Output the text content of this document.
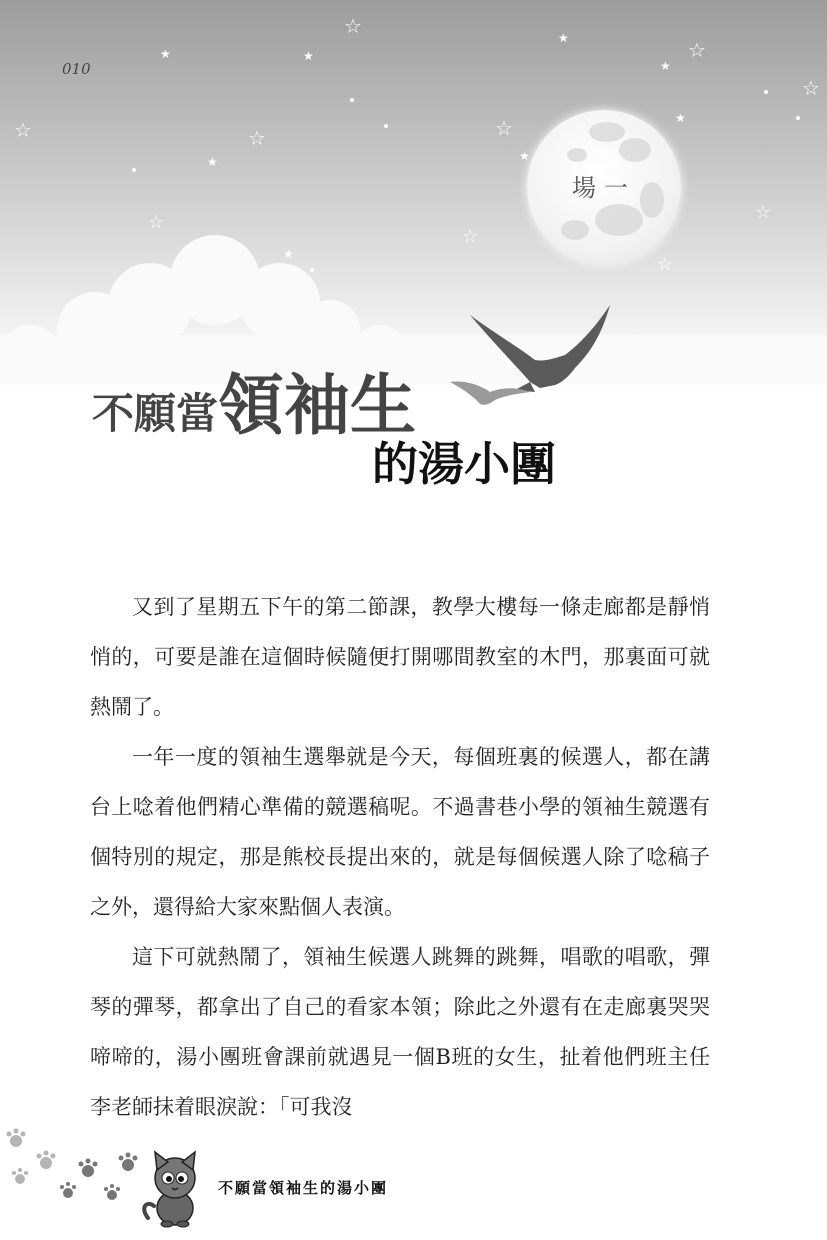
☆
☆
☆
☆	☆	☆
☆
☆
☆
☆
★	★
★
★
★
★	★
★
010
場一
不願當領袖生
的湯小團

又到了星期五下午的第二節課，教學大樓每一條走廊都是靜悄悄的，可要是誰在這個時候隨便打開哪間教室的木門，那裏面可就熱鬧了。

一年一度的領袖生選舉就是今天，每個班裏的候選人，都在講台上唸着他們精心準備的競選稿呢。不過書巷小學的領袖生競選有個特別的規定，那是熊校長提出來的，就是每個候選人除了唸稿子之外，還得給大家來點個人表演。

這下可就熱鬧了，領袖生候選人跳舞的跳舞，唱歌的唱歌，彈琴的彈琴，都拿出了自己的看家本領；除此之外還有在走廊裏哭哭啼啼的，湯小團班會課前就遇見一個B班的女生，扯着他們班主任李老師抹着眼淚說：「可我沒

不願當領袖生的湯小團
